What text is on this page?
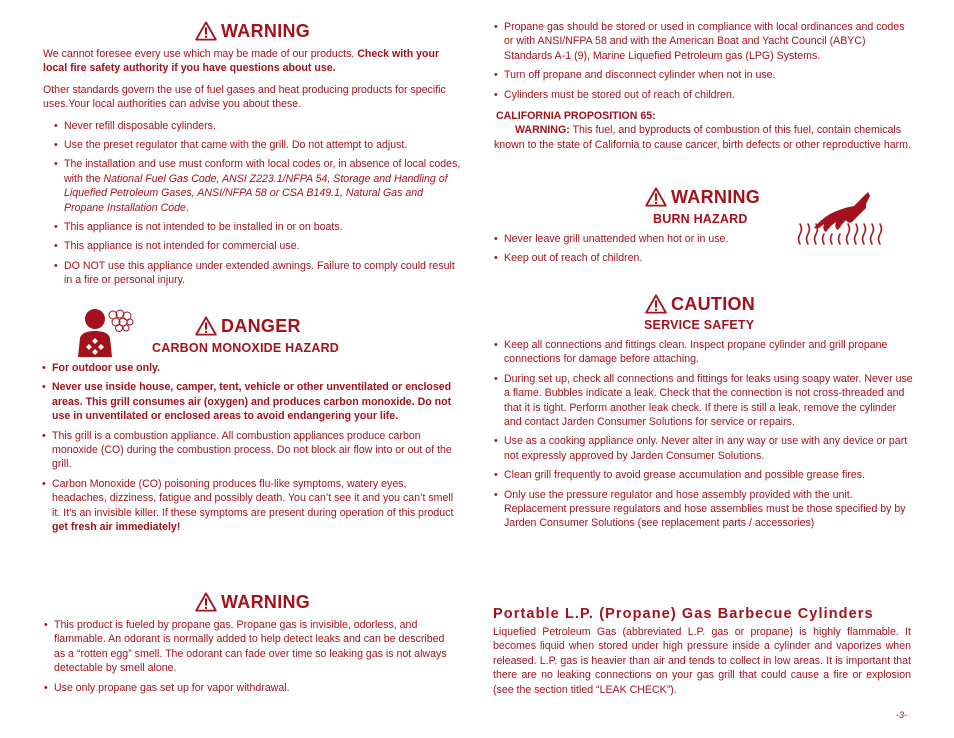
WARNING

We cannot foresee every use which may be made of our products. Check with your local fire safety authority if you have questions about use.

Other standards govern the use of fuel gases and heat producing products for specific uses.Your local authorities can advise you about these.

• Never refill disposable cylinders.
• Use the preset regulator that came with the grill. Do not attempt to adjust.
• The installation and use must conform with local codes or, in absence of local codes, with the National Fuel Gas Code, ANSI Z223.1/NFPA 54, Storage and Handling of Liquefied Petroleum Gases, ANSI/NFPA 58 or CSA B149.1, Natural Gas and Propane Installation Code.
• This appliance is not intended to be installed in or on boats.
• This appliance is not intended for commercial use.
• DO NOT use this appliance under extended awnings. Failure to comply could result in a fire or personal injury.
DANGER
CARBON MONOXIDE HAZARD
• For outdoor use only.
• Never use inside house, camper, tent, vehicle or other unventilated or enclosed areas. This grill consumes air (oxygen) and produces carbon monoxide. Do not use in unventilated or enclosed areas to avoid endangering your life.
• This grill is a combustion appliance. All combustion appliances produce carbon monoxide (CO) during the combustion process. Do not block air flow into or out of the grill.
• Carbon Monoxide (CO) poisoning produces flu-like symptoms, watery eyes, headaches, dizziness, fatigue and possibly death. You can’t see it and you can’t smell it. It’s an invisible killer. If these symptoms are present during operation of this product get fresh air immediately!
WARNING
• This product is fueled by propane gas. Propane gas is invisible, odorless, and flammable. An odorant is normally added to help detect leaks and can be described as a “rotten egg” smell. The odorant can fade over time so leaking gas is not always detectable by smell alone.
• Use only propane gas set up for vapor withdrawal.
• Propane gas should be stored or used in compliance with local ordinances and codes or with ANSI/NFPA 58 and with the American Boat and Yacht Council (ABYC) Standards A-1 (9), Marine Liquefied Petroleum gas (LPG) Systems.
• Turn off propane and disconnect cylinder when not in use.
• Cylinders must be stored out of reach of children.

CALIFORNIA PROPOSITION 65:

WARNING: This fuel, and byproducts of combustion of this fuel, contain chemicals known to the state of California to cause cancer, birth defects or other reproductive harm.

WARNING
BURN HAZARD
• Never leave grill unattended when hot or in use.
• Keep out of reach of children.
CAUTION
SERVICE SAFETY
• Keep all connections and fittings clean. Inspect propane cylinder and grill propane connections for damage before attaching.
• During set up, check all connections and fittings for leaks using soapy water. Never use a flame. Bubbles indicate a leak. Check that the connection is not cross-threaded and that it is tight. Perform another leak check. If there is still a leak, remove the cylinder and contact Jarden Consumer Solutions for service or repairs.
• Use as a cooking appliance only. Never alter in any way or use with any device or part not expressly approved by Jarden Consumer Solutions.
• Clean grill frequently to avoid grease accumulation and possible grease fires.
• Only use the pressure regulator and hose assembly provided with the unit. Replacement pressure regulators and hose assemblies must be those specified by by Jarden Consumer Solutions (see replacement parts / accessories)
Portable L.P. (Propane) Gas Barbecue Cylinders
Liquefied Petroleum Gas (abbreviated L.P. gas or propane) is highly flammable. It becomes liquid when stored under high pressure inside a cylinder and vaporizes when released. L.P. gas is heavier than air and tends to collect in low areas. It is important that there are no leaking connections on your gas grill that could cause a fire or explosion (see the section titled “LEAK CHECK”).
-3-
